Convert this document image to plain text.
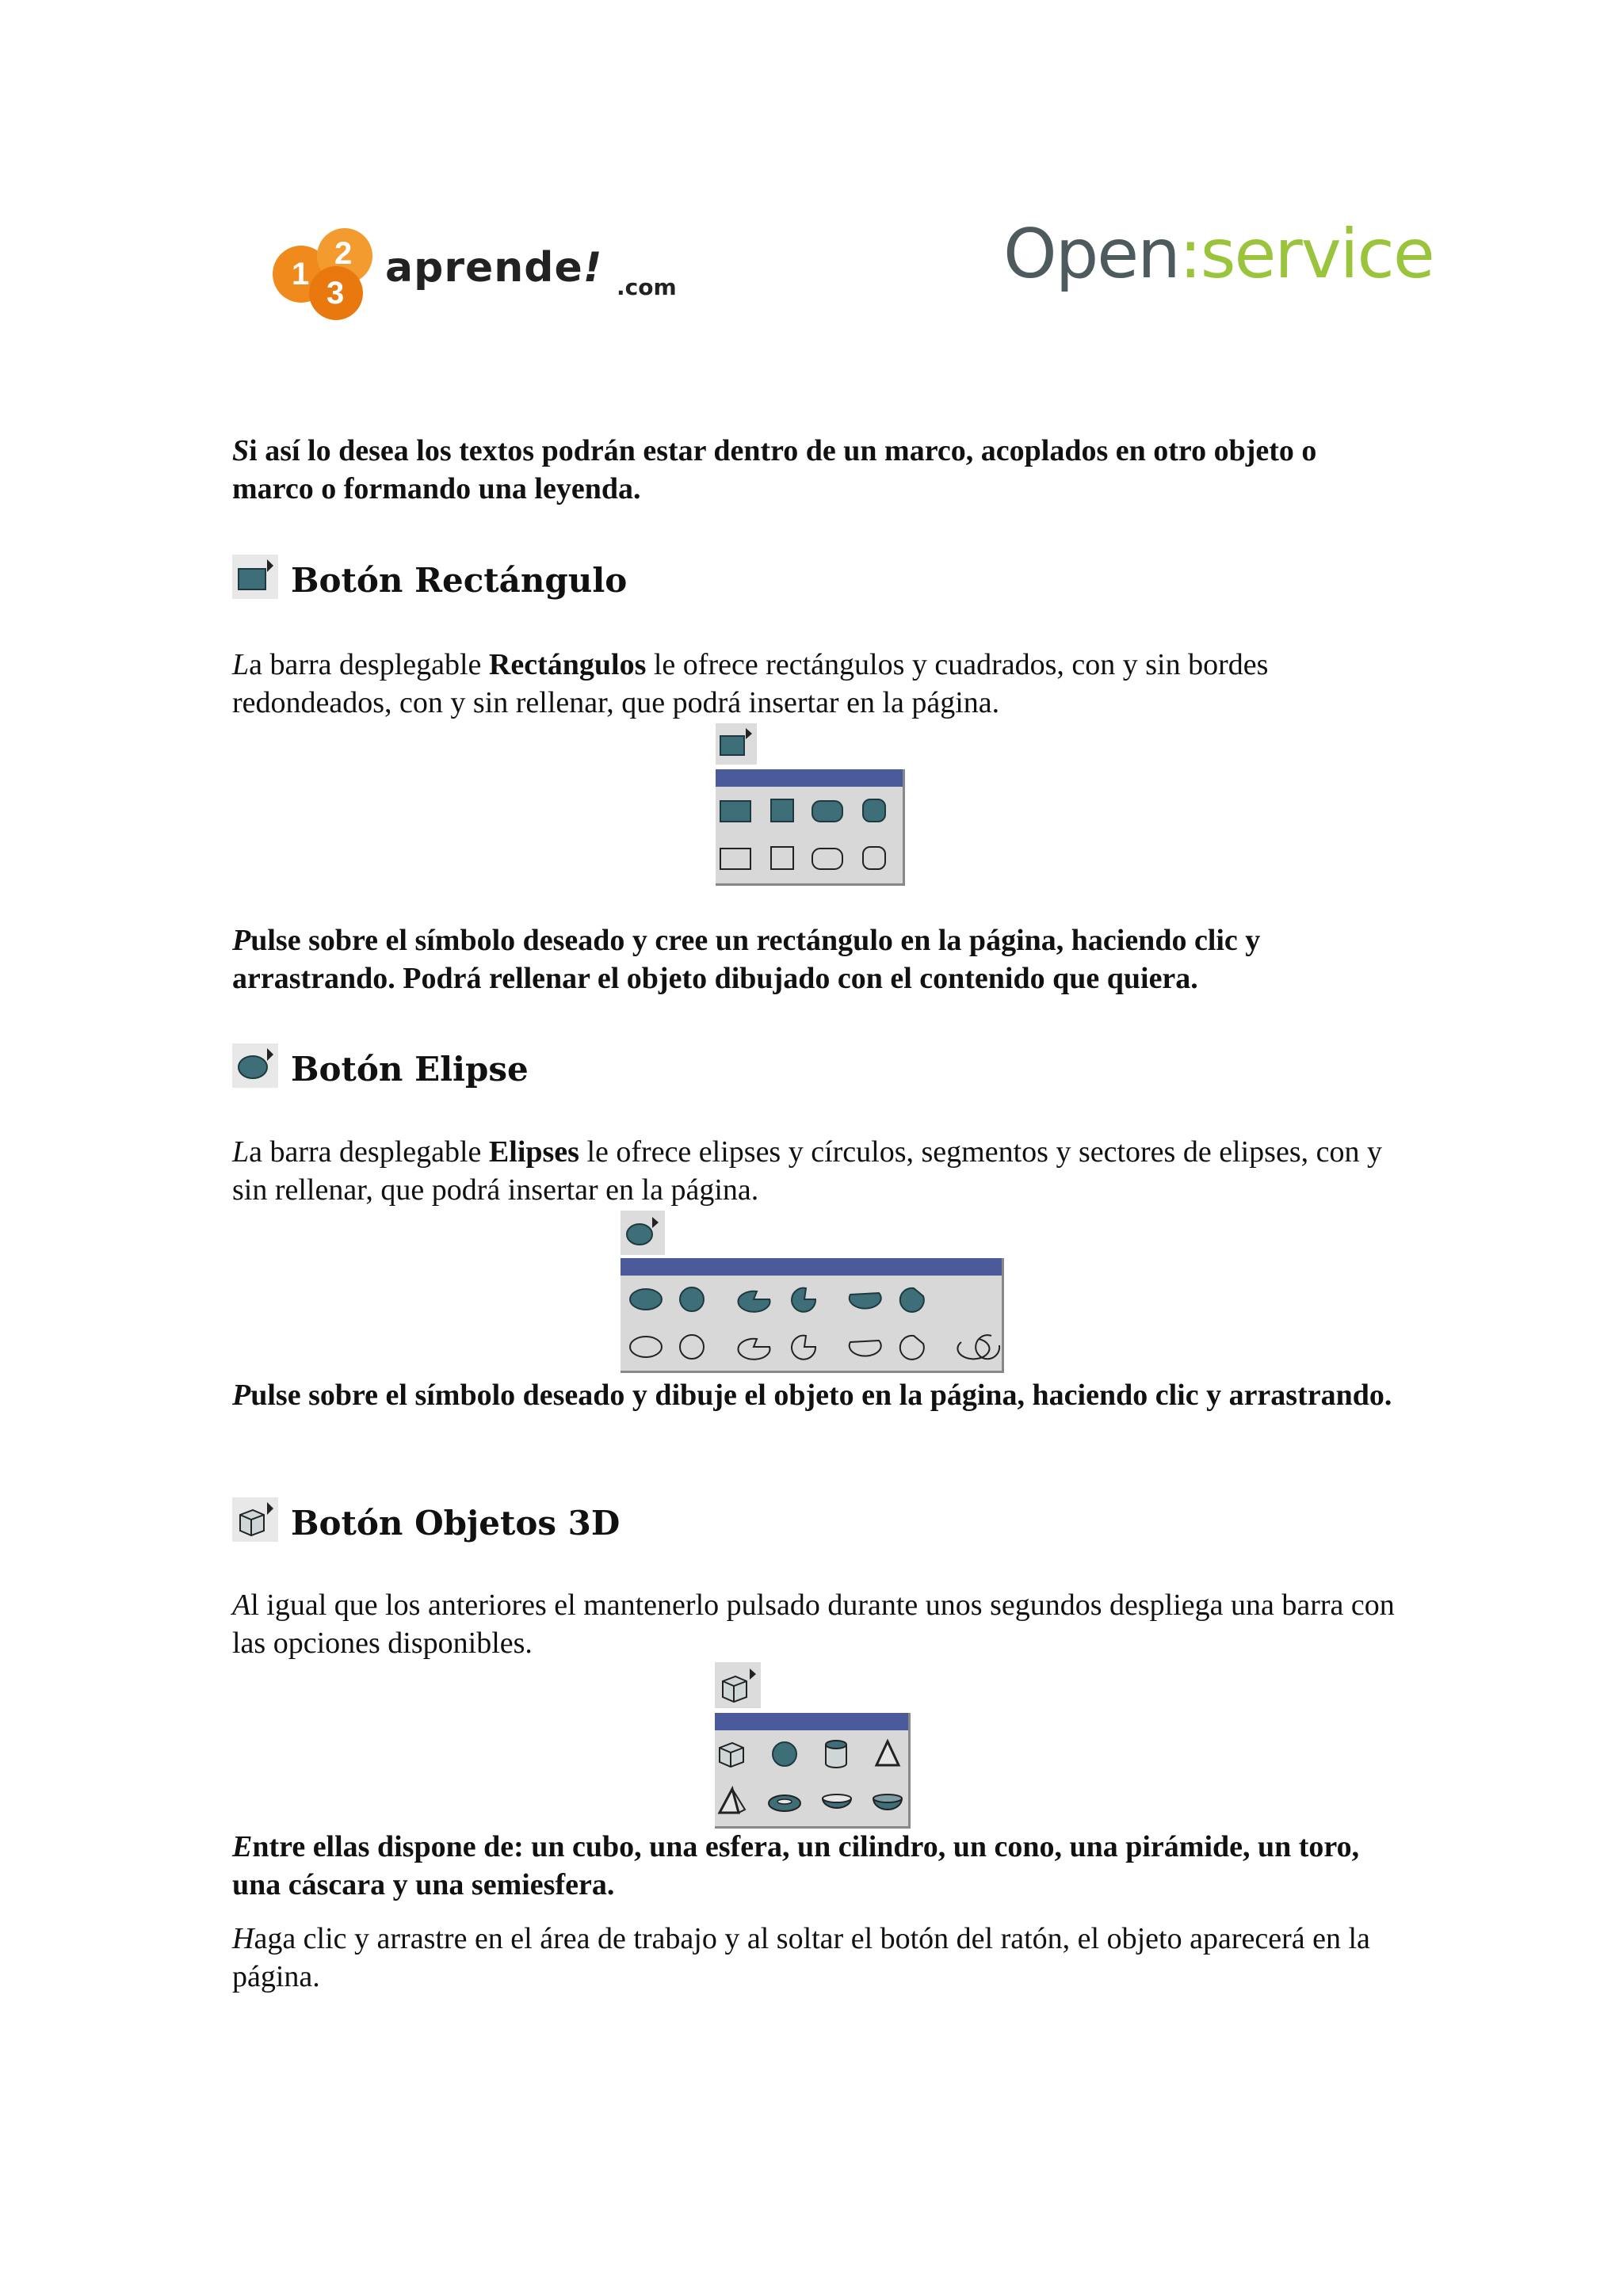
1
2
3
aprende! .com	Open:service

Si así lo desea los textos podrán estar dentro de un marco, acoplados en otro objeto o marco o formando una leyenda.

Botón Rectángulo

La barra desplegable Rectángulos le ofrece rectángulos y cuadrados, con y sin bordes redondeados, con y sin rellenar, que podrá insertar en la página.

Pulse sobre el símbolo deseado y cree un rectángulo en la página, haciendo clic y arrastrando. Podrá rellenar el objeto dibujado con el contenido que quiera.

Botón Elipse

La barra desplegable Elipses le ofrece elipses y círculos, segmentos y sectores de elipses, con y sin rellenar, que podrá insertar en la página.

Pulse sobre el símbolo deseado y dibuje el objeto en la página, haciendo clic y arrastrando.

Botón Objetos 3D

Al igual que los anteriores el mantenerlo pulsado durante unos segundos despliega una barra con las opciones disponibles.

Entre ellas dispone de: un cubo, una esfera, un cilindro, un cono, una pirámide, un toro, una cáscara y una semiesfera.

Haga clic y arrastre en el área de trabajo y al soltar el botón del ratón, el objeto aparecerá en la página.
